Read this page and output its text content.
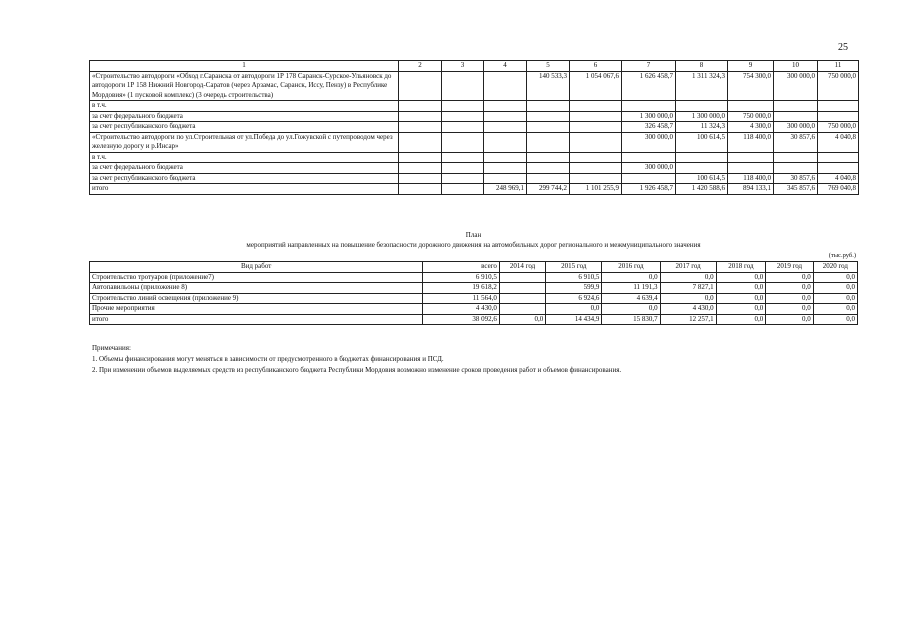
25
1	2	3	4	5	6	7	8	9	10	11
«Строительство автодороги «Обход г.Саранска от автодороги 1Р 178 Саранск-Сурское-Ульяновск до автодороги 1Р 158 Нижний Новгород-Саратов (через Арзамас, Саранск, Иссу, Пензу) в Республике Мордовия» (1 пусковой комплекс) (3 очередь строительства)				140 533,3	1 054 067,6	1 626 458,7	1 311 324,3	754 300,0	300 000,0	750 000,0
в т.ч.										
за счет федерального бюджета						1 300 000,0	1 300 000,0	750 000,0		
за счет республиканского бюджета						326 458,7	11 324,3	4 300,0	300 000,0	750 000,0
«Строительство автодороги по ул.Строительная от ул.Победа до ул.Гожувской с путепроводом через железную дорогу и р.Инсар»						300 000,0	100 614,5	118 400,0	30 857,6	4 040,8
в т.ч.										
за счет федерального бюджета						300 000,0				
за счет республиканского бюджета							100 614,5	118 400,0	30 857,6	4 040,8
итого			248 969,1	299 744,2	1 101 255,9	1 926 458,7	1 420 588,6	894 133,1	345 857,6	769 040,8
План
мероприятий направленных на повышение безопасности дорожного движения на автомобильных дорог регионального и межмуниципального значения
(тыс.руб.)
Вид работ	всего	2014 год	2015 год	2016 год	2017 год	2018 год	2019 год	2020 год
Строительство тротуаров (приложение7)	6 910,5		6 910,5	0,0	0,0	0,0	0,0	0,0
Автопавильоны (приложение 8)	19 618,2		599,9	11 191,3	7 827,1	0,0	0,0	0,0
Строительство линий освещения (приложение 9)	11 564,0		6 924,6	4 639,4	0,0	0,0	0,0	0,0
Прочие мероприятия	4 430,0		0,0	0,0	4 430,0	0,0	0,0	0,0
итого	38 092,6	0,0	14 434,9	15 830,7	12 257,1	0,0	0,0	0,0
Примечания:
1. Объемы финансирования могут меняться в зависимости от предусмотренного в бюджетах финансирования и ПСД.
2. При изменении объемов выделяемых средств из республиканского бюджета Республики Мордовия возможно изменение сроков проведения работ и объемов финансирования.
